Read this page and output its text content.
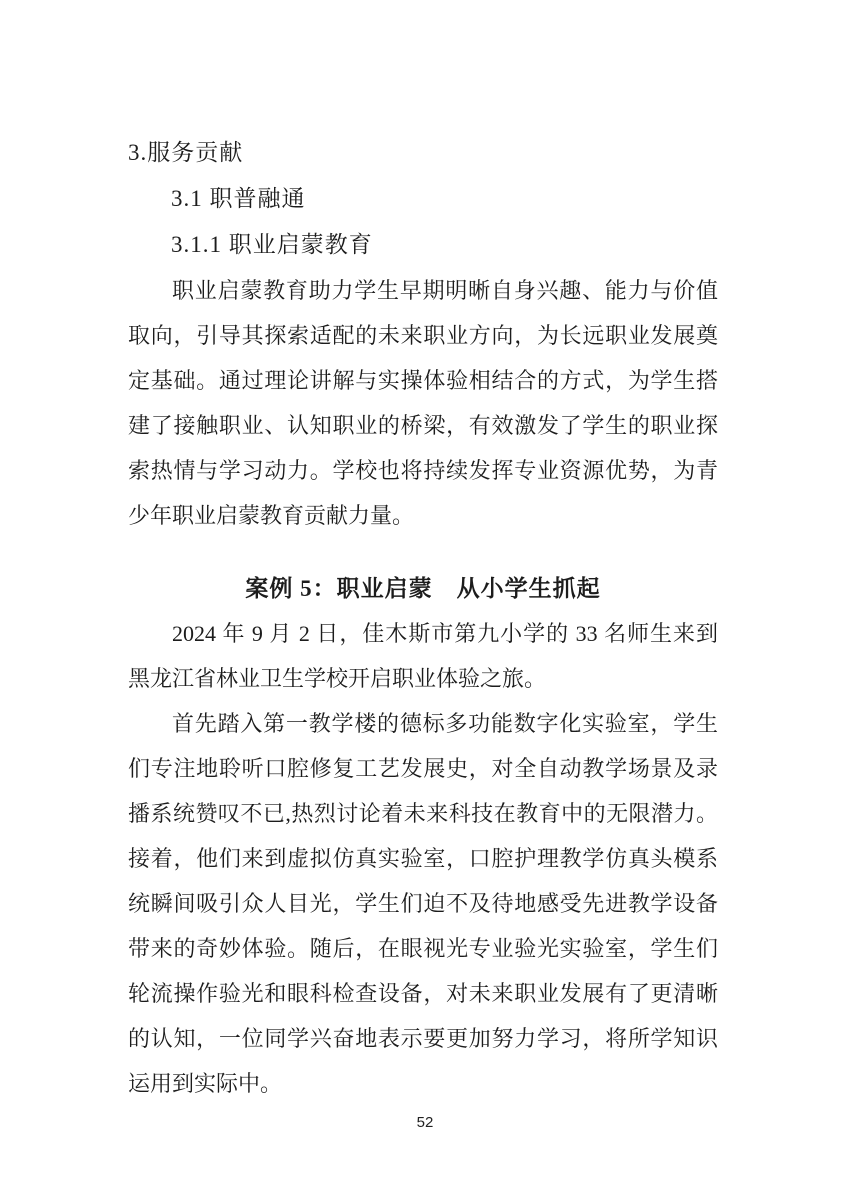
3.服务贡献
3.1 职普融通
3.1.1 职业启蒙教育
职业启蒙教育助力学生早期明晰自身兴趣、能力与价值
取向，引导其探索适配的未来职业方向，为长远职业发展奠
定基础。通过理论讲解与实操体验相结合的方式，为学生搭
建了接触职业、认知职业的桥梁，有效激发了学生的职业探
索热情与学习动力。学校也将持续发挥专业资源优势，为青
少年职业启蒙教育贡献力量。
案例 5：职业启蒙　从小学生抓起
2024 年 9 月 2 日，佳木斯市第九小学的 33 名师生来到
黑龙江省林业卫生学校开启职业体验之旅。
首先踏入第一教学楼的德标多功能数字化实验室，学生
们专注地聆听口腔修复工艺发展史，对全自动教学场景及录
播系统赞叹不已,热烈讨论着未来科技在教育中的无限潜力。
接着，他们来到虚拟仿真实验室，口腔护理教学仿真头模系
统瞬间吸引众人目光，学生们迫不及待地感受先进教学设备
带来的奇妙体验。随后，在眼视光专业验光实验室，学生们
轮流操作验光和眼科检查设备，对未来职业发展有了更清晰
的认知，一位同学兴奋地表示要更加努力学习，将所学知识
运用到实际中。
52
